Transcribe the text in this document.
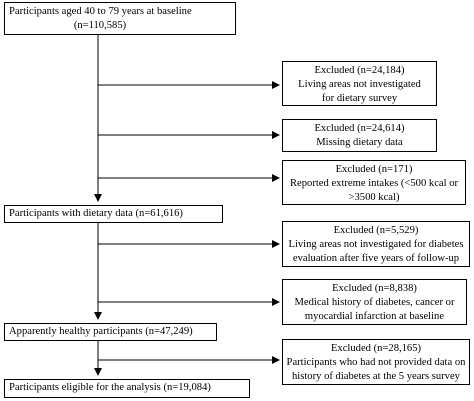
Participants aged 40 to 79 years at baseline
(n=110,585)
Participants with dietary data (n=61,616)
Apparently healthy participants (n=47,249)
Participants eligible for the analysis (n=19,084)
Excluded (n=24,184)
Living areas not investigated
for dietary survey
Excluded (n=24,614)
Missing dietary data
Excluded (n=171)
Reported extreme intakes (<500 kcal or
>3500 kcal)
Excluded (n=5,529)
Living areas not investigated for diabetes
evaluation after five years of follow-up
Excluded (n=8,838)
Medical history of diabetes, cancer or
myocardial infarction at baseline
Excluded (n=28,165)
Participants who had not provided data on
history of diabetes at the 5 years survey
